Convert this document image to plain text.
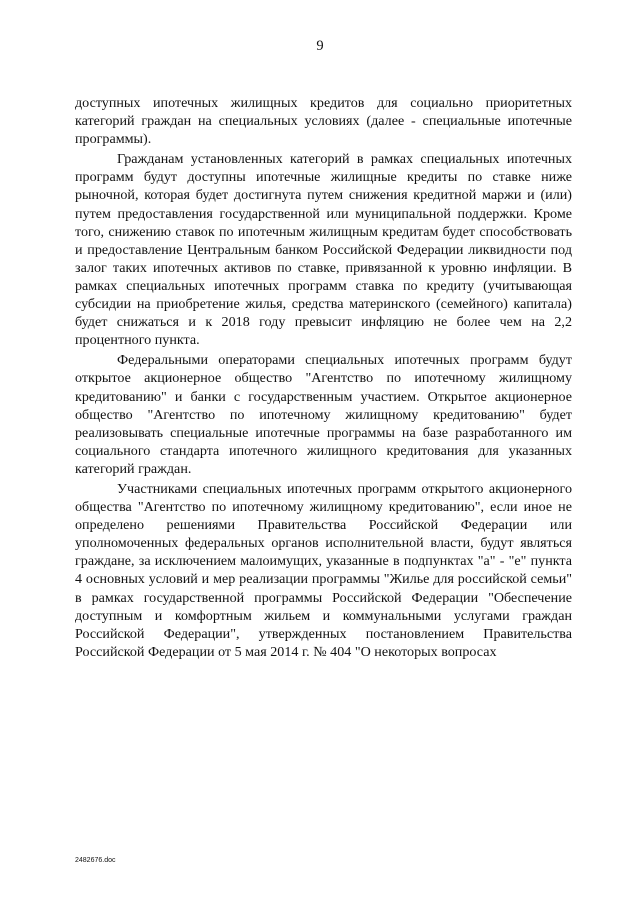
9

доступных ипотечных жилищных кредитов для социально приоритетных категорий граждан на специальных условиях (далее - специальные ипотечные программы).

Гражданам установленных категорий в рамках специальных ипотечных программ будут доступны ипотечные жилищные кредиты по ставке ниже рыночной, которая будет достигнута путем снижения кредитной маржи и (или) путем предоставления государственной или муниципальной поддержки. Кроме того, снижению ставок по ипотечным жилищным кредитам будет способствовать и предоставление Центральным банком Российской Федерации ликвидности под залог таких ипотечных активов по ставке, привязанной к уровню инфляции. В рамках специальных ипотечных программ ставка по кредиту (учитывающая субсидии на приобретение жилья, средства материнского (семейного) капитала) будет снижаться и к 2018 году превысит инфляцию не более чем на 2,2 процентного пункта.

Федеральными операторами специальных ипотечных программ будут открытое акционерное общество "Агентство по ипотечному жилищному кредитованию" и банки с государственным участием. Открытое акционерное общество "Агентство по ипотечному жилищному кредитованию" будет реализовывать специальные ипотечные программы на базе разработанного им социального стандарта ипотечного жилищного кредитования для указанных категорий граждан.

Участниками специальных ипотечных программ открытого акционерного общества "Агентство по ипотечному жилищному кредитованию", если иное не определено решениями Правительства Российской Федерации или уполномоченных федеральных органов исполнительной власти, будут являться граждане, за исключением малоимущих, указанные в подпунктах "а" - "е" пункта 4 основных условий и мер реализации программы "Жилье для российской семьи" в рамках государственной программы Российской Федерации "Обеспечение доступным и комфортным жильем и коммунальными услугами граждан Российской Федерации", утвержденных постановлением Правительства Российской Федерации от 5 мая 2014 г. № 404 "О некоторых вопросах

2482676.doc
